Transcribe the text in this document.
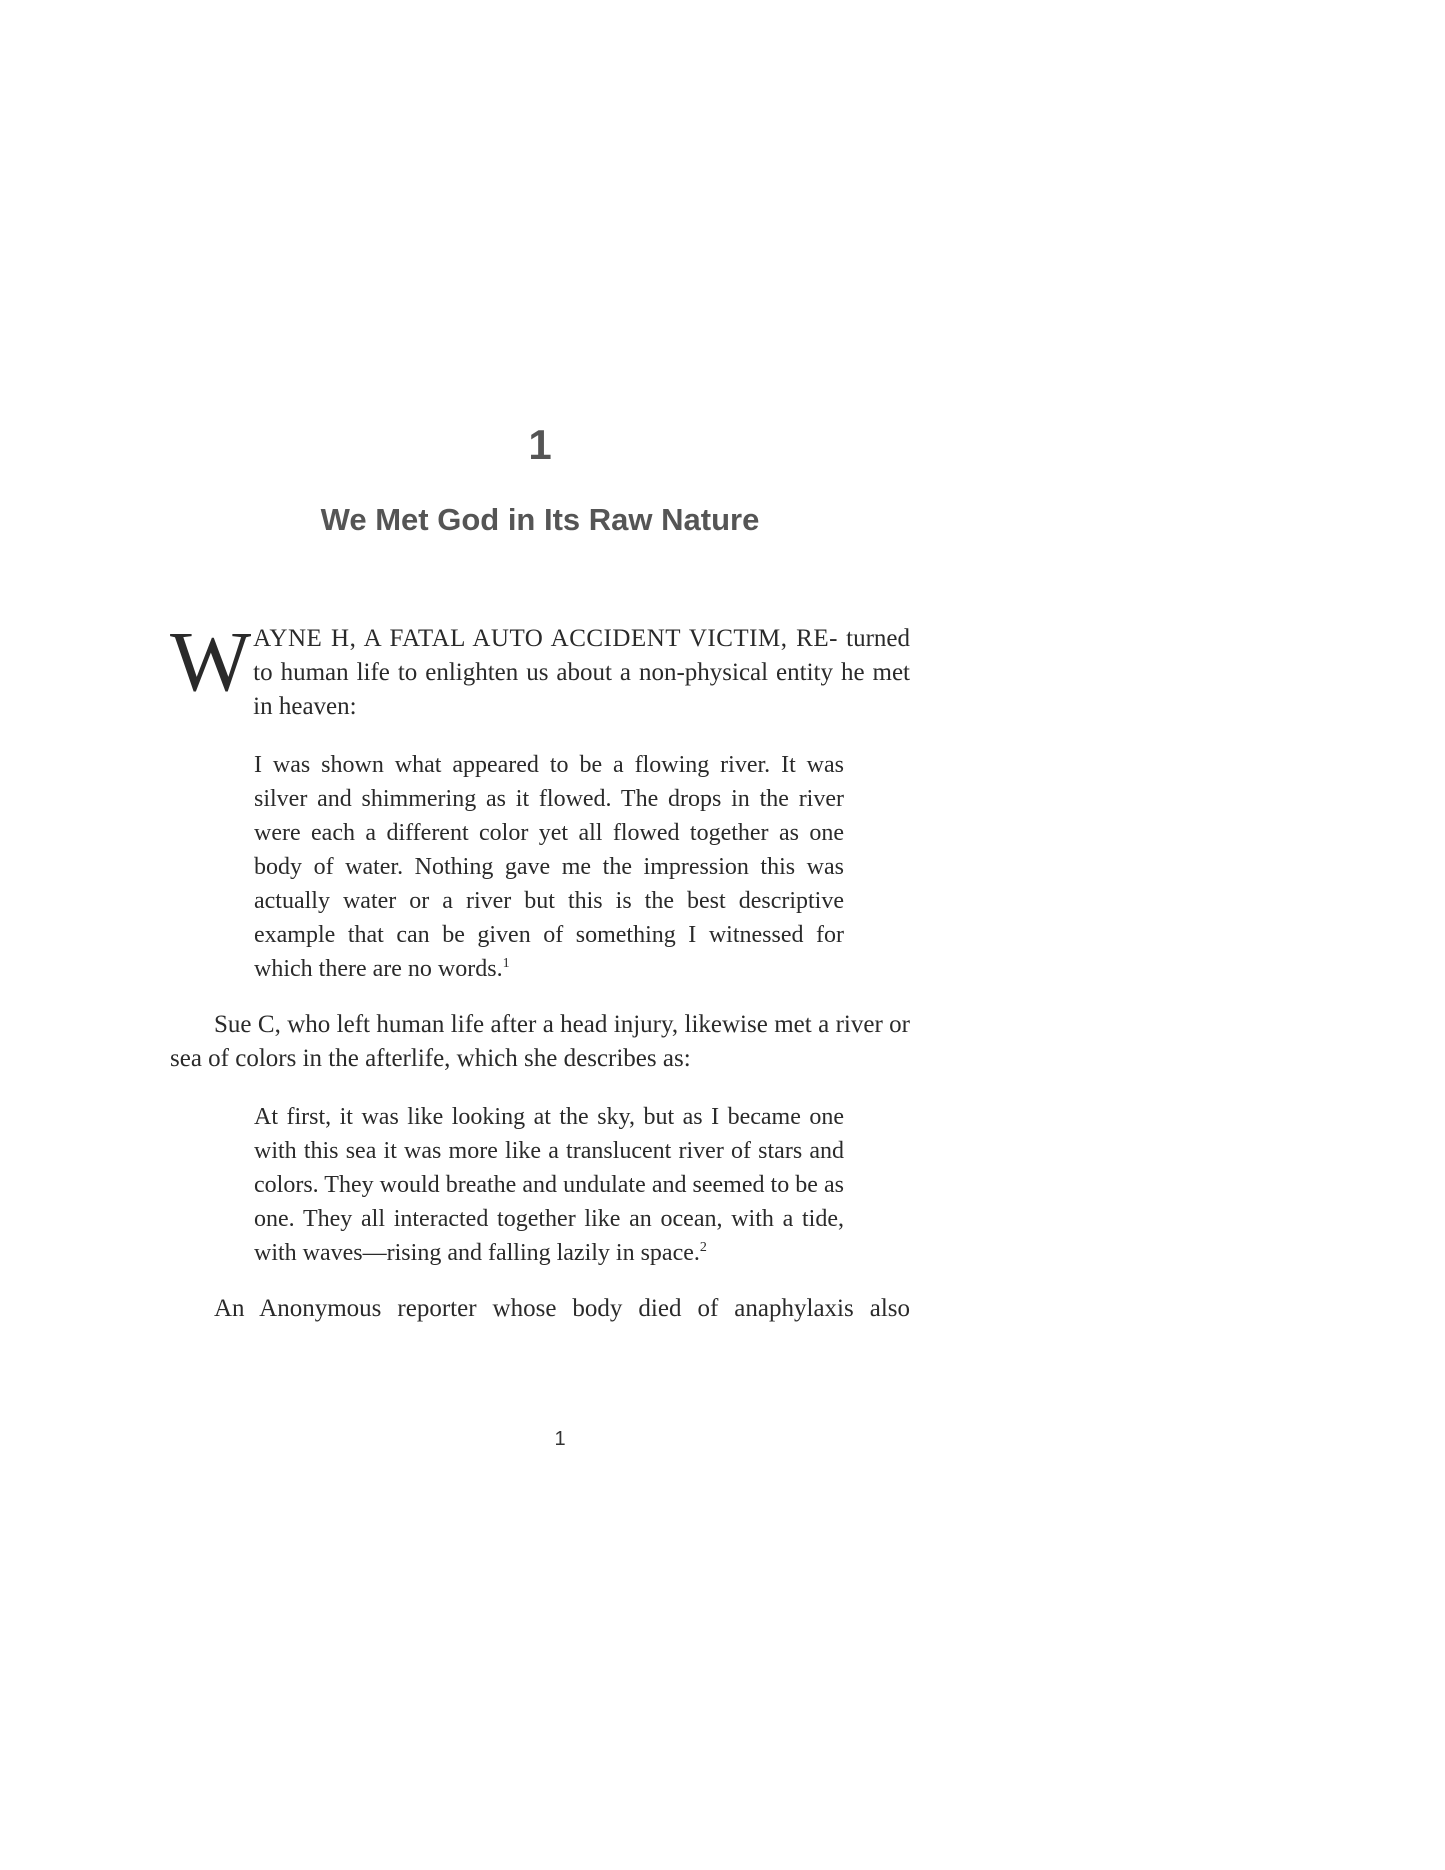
1
We Met God in Its Raw Nature

WAYNE H, A FATAL AUTO ACCIDENT VICTIM, RE- turned to human life to enlighten us about a non-physical entity he met in heaven:

I was shown what appeared to be a flowing river. It was silver and shimmering as it flowed. The drops in the river were each a different color yet all flowed together as one body of water. Nothing gave me the impression this was actually water or a river but this is the best descriptive example that can be given of something I witnessed for which there are no words.$^1$

Sue C, who left human life after a head injury, likewise met a river or sea of colors in the afterlife, which she describes as:

At first, it was like looking at the sky, but as I became one with this sea it was more like a translucent river of stars and colors. They would breathe and undulate and seemed to be as one. They all interacted together like an ocean, with a tide, with waves—rising and falling lazily in space.$^2$

An Anonymous reporter whose body died of anaphylaxis also

1
